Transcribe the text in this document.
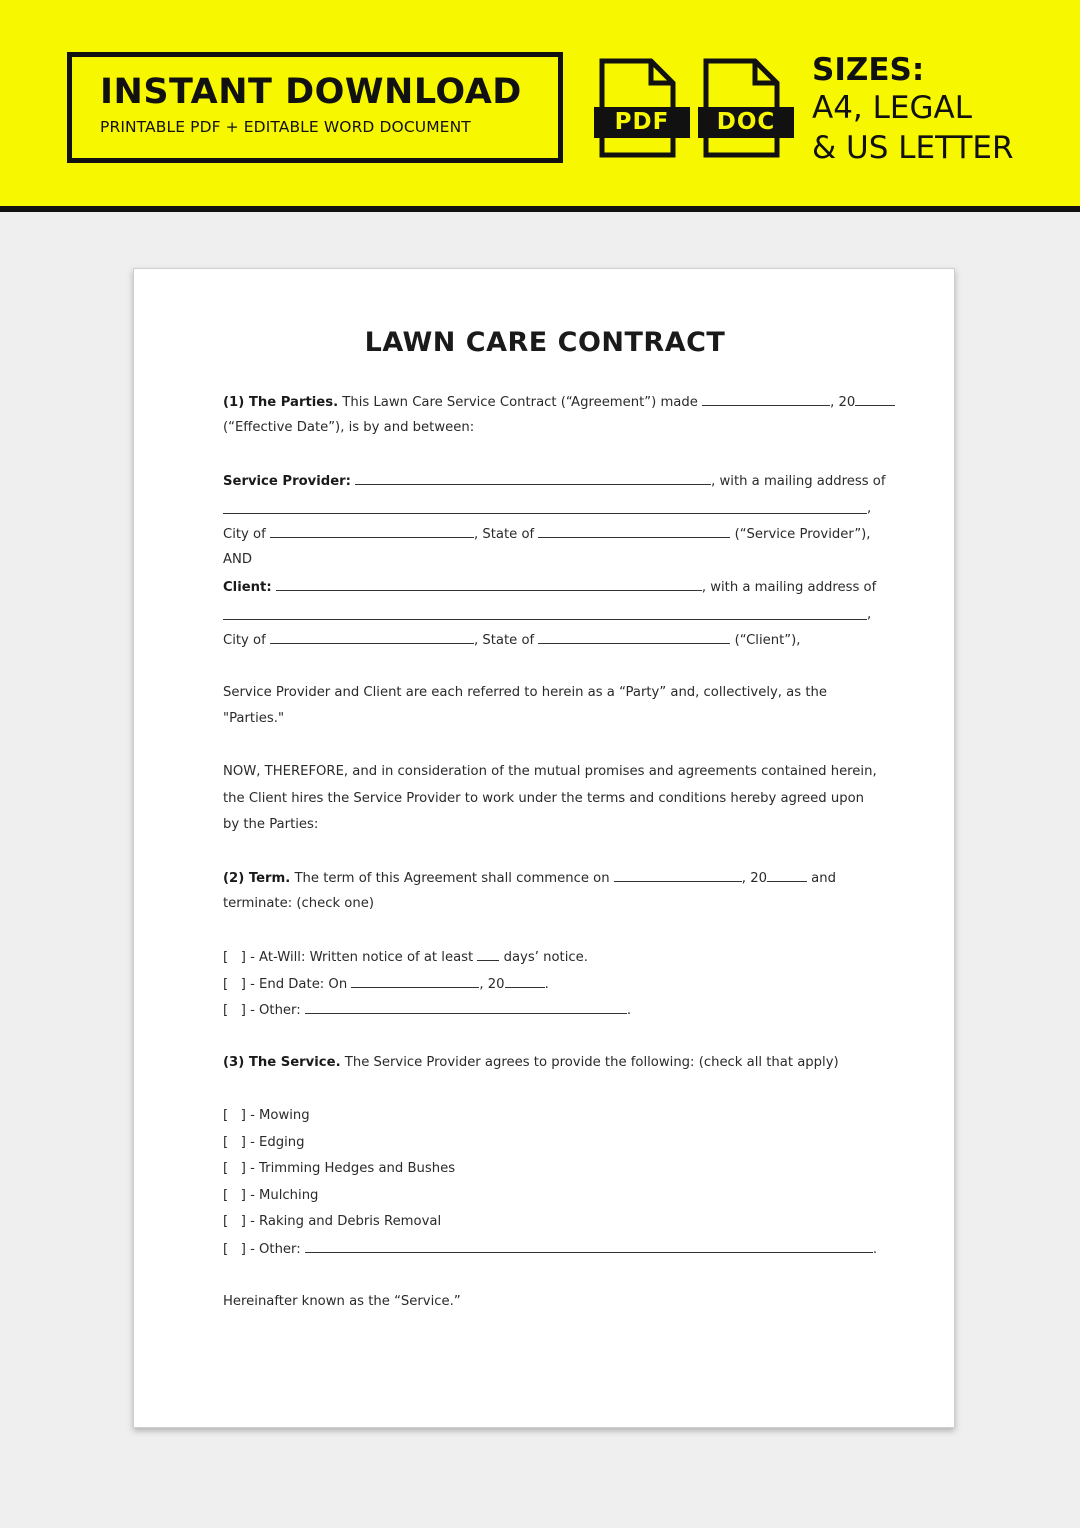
INSTANT DOWNLOAD
PRINTABLE PDF + EDITABLE WORD DOCUMENT	PDF	DOC
SIZES:
A4, LEGAL
& US LETTER
LAWN CARE CONTRACT
(1) The Parties. This Lawn Care Service Contract (“Agreement”) made	, 20
(“Effective Date”), is by and between:
Service Provider:	, with a mailing address of
,
City of	, State of	(“Service Provider”),
AND
Client:	, with a mailing address of
,
City of	, State of	(“Client”),
Service Provider and Client are each referred to herein as a “Party” and, collectively, as the
"Parties."
NOW, THEREFORE, and in consideration of the mutual promises and agreements contained herein,
the Client hires the Service Provider to work under the terms and conditions hereby agreed upon
by the Parties:
(2) Term. The term of this Agreement shall commence on	, 20	and
terminate: (check one)
[   ] - At-Will: Written notice of at least days’ notice.
[   ] - End Date: On	, 20	.
[   ] - Other:	.
(3) The Service. The Service Provider agrees to provide the following: (check all that apply)
[   ] - Mowing
[   ] - Edging
[   ] - Trimming Hedges and Bushes
[   ] - Mulching
[   ] - Raking and Debris Removal
[   ] - Other:	.
Hereinafter known as the “Service.”
